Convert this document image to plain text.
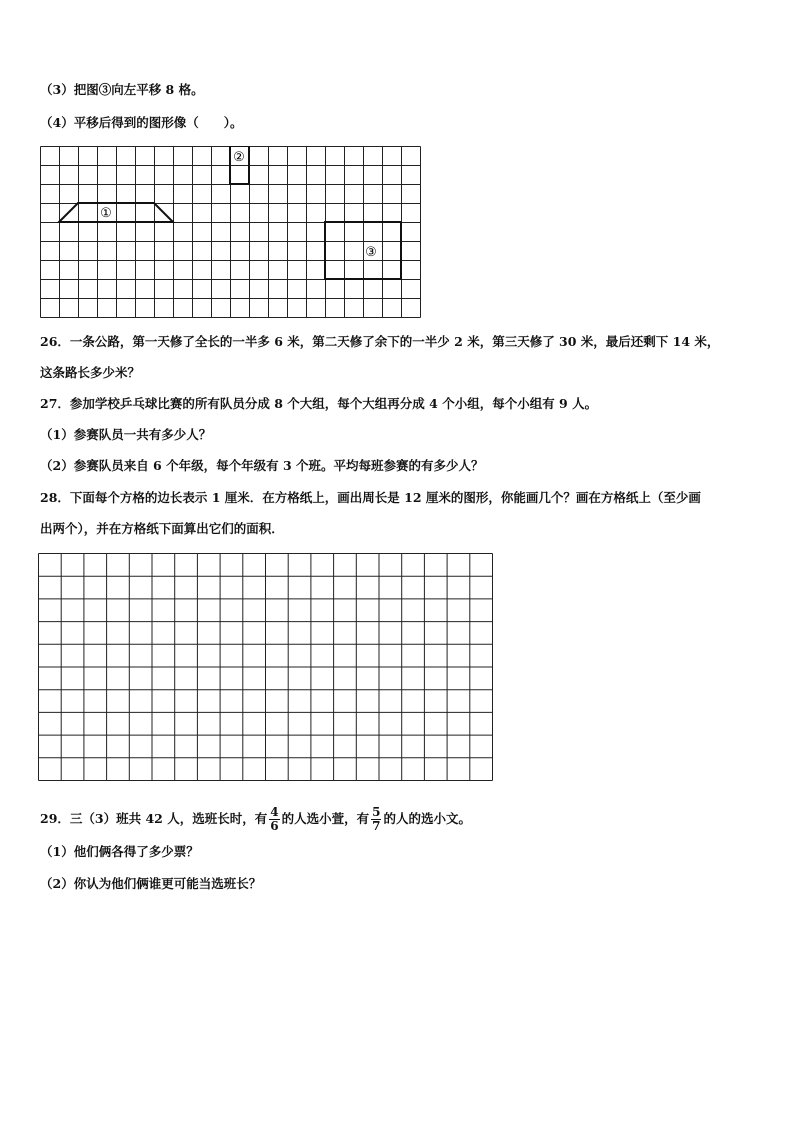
（3）把图③向左平移 8 格。
（4）平移后得到的图形像（　　）。
①
②
③
26．一条公路，第一天修了全长的一半多 6 米，第二天修了余下的一半少 2 米，第三天修了 30 米，最后还剩下 14 米，
这条路长多少米？
27．参加学校乒乓球比赛的所有队员分成 8 个大组，每个大组再分成 4 个小组，每个小组有 9 人。
（1）参赛队员一共有多少人？
（2）参赛队员来自 6 个年级，每个年级有 3 个班。平均每班参赛的有多少人？
28．下面每个方格的边长表示 1 厘米．在方格纸上，画出周长是 12 厘米的图形，你能画几个？画在方格纸上（至少画
出两个），并在方格纸下面算出它们的面积．
29．三（3）班共 42 人，选班长时，有 $\frac{4}{6}$ 的人选小萱，有 $\frac{5}{7}$ 的人的选小文。
（1）他们俩各得了多少票？
（2）你认为他们俩谁更可能当选班长？
